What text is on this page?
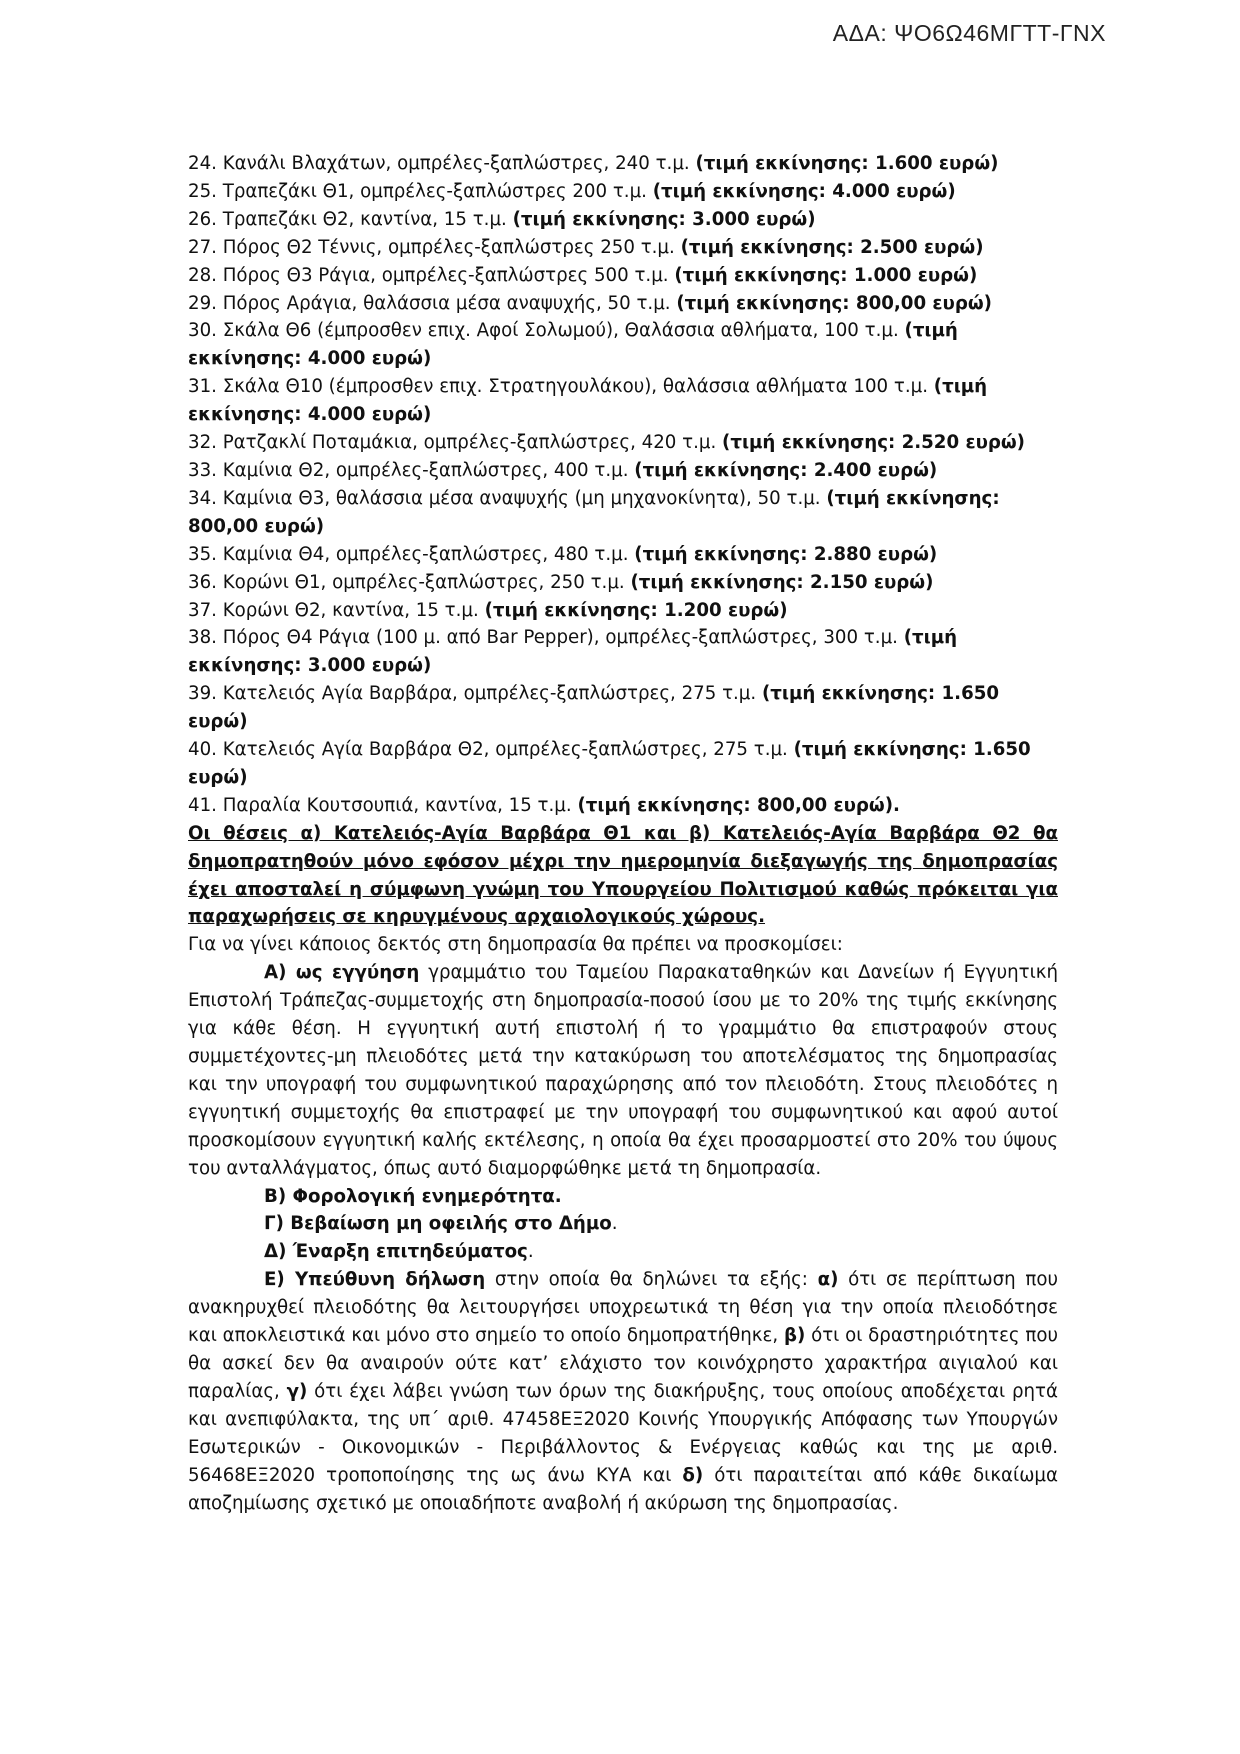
ΑΔΑ: ΨΟ6Ω46ΜΓΤΤ-ΓΝΧ

24. Κανάλι Βλαχάτων, ομπρέλες-ξαπλώστρες, 240 τ.μ. (τιμή εκκίνησης: 1.600 ευρώ)

25. Τραπεζάκι Θ1, ομπρέλες-ξαπλώστρες 200 τ.μ. (τιμή εκκίνησης: 4.000 ευρώ)

26. Τραπεζάκι Θ2, καντίνα, 15 τ.μ. (τιμή εκκίνησης: 3.000 ευρώ)

27. Πόρος Θ2 Τέννις, ομπρέλες-ξαπλώστρες 250 τ.μ. (τιμή εκκίνησης: 2.500 ευρώ)

28. Πόρος Θ3 Ράγια, ομπρέλες-ξαπλώστρες 500 τ.μ. (τιμή εκκίνησης: 1.000 ευρώ)

29. Πόρος Αράγια, θαλάσσια μέσα αναψυχής, 50 τ.μ. (τιμή εκκίνησης: 800,00 ευρώ)

30. Σκάλα Θ6 (έμπροσθεν επιχ. Αφοί Σολωμού), Θαλάσσια αθλήματα, 100 τ.μ. (τιμή εκκίνησης: 4.000 ευρώ)

31. Σκάλα Θ10 (έμπροσθεν επιχ. Στρατηγουλάκου), θαλάσσια αθλήματα 100 τ.μ. (τιμή εκκίνησης: 4.000 ευρώ)

32. Ρατζακλί Ποταμάκια, ομπρέλες-ξαπλώστρες, 420 τ.μ. (τιμή εκκίνησης: 2.520 ευρώ)

33. Καμίνια Θ2, ομπρέλες-ξαπλώστρες, 400 τ.μ. (τιμή εκκίνησης: 2.400 ευρώ)

34. Καμίνια Θ3, θαλάσσια μέσα αναψυχής (μη μηχανοκίνητα), 50 τ.μ. (τιμή εκκίνησης: 800,00 ευρώ)

35. Καμίνια Θ4, ομπρέλες-ξαπλώστρες, 480 τ.μ. (τιμή εκκίνησης: 2.880 ευρώ)

36. Κορώνι Θ1, ομπρέλες-ξαπλώστρες, 250 τ.μ. (τιμή εκκίνησης: 2.150 ευρώ)

37. Κορώνι Θ2, καντίνα, 15 τ.μ. (τιμή εκκίνησης: 1.200 ευρώ)

38. Πόρος Θ4 Ράγια (100 μ. από Bar Pepper), ομπρέλες-ξαπλώστρες, 300 τ.μ. (τιμή εκκίνησης: 3.000 ευρώ)

39. Κατελειός Αγία Βαρβάρα, ομπρέλες-ξαπλώστρες, 275 τ.μ. (τιμή εκκίνησης: 1.650 ευρώ)

40. Κατελειός Αγία Βαρβάρα Θ2, ομπρέλες-ξαπλώστρες, 275 τ.μ. (τιμή εκκίνησης: 1.650 ευρώ)

41. Παραλία Κουτσουπιά, καντίνα, 15 τ.μ. (τιμή εκκίνησης: 800,00 ευρώ).

Οι θέσεις α) Κατελειός-Αγία Βαρβάρα Θ1 και β) Κατελειός-Αγία Βαρβάρα Θ2 θα δημοπρατηθούν μόνο εφόσον μέχρι την ημερομηνία διεξαγωγής της δημοπρασίας έχει αποσταλεί η σύμφωνη γνώμη του Υπουργείου Πολιτισμού καθώς πρόκειται για παραχωρήσεις σε κηρυγμένους αρχαιολογικούς χώρους.

Για να γίνει κάποιος δεκτός στη δημοπρασία θα πρέπει να προσκομίσει:

Α) ως εγγύηση γραμμάτιο του Ταμείου Παρακαταθηκών και Δανείων ή Εγγυητική Επιστολή Τράπεζας-συμμετοχής στη δημοπρασία-ποσού ίσου με το 20% της τιμής εκκίνησης για κάθε θέση. Η εγγυητική αυτή επιστολή ή το γραμμάτιο θα επιστραφούν στους συμμετέχοντες-μη πλειοδότες μετά την κατακύρωση του αποτελέσματος της δημοπρασίας και την υπογραφή του συμφωνητικού παραχώρησης από τον πλειοδότη. Στους πλειοδότες η εγγυητική συμμετοχής θα επιστραφεί με την υπογραφή του συμφωνητικού και αφού αυτοί προσκομίσουν εγγυητική καλής εκτέλεσης, η οποία θα έχει προσαρμοστεί στο 20% του ύψους του ανταλλάγματος, όπως αυτό διαμορφώθηκε μετά τη δημοπρασία.

Β) Φορολογική ενημερότητα.

Γ) Βεβαίωση μη οφειλής στο Δήμο.

Δ) Έναρξη επιτηδεύματος.

Ε) Υπεύθυνη δήλωση στην οποία θα δηλώνει τα εξής: α) ότι σε περίπτωση που ανακηρυχθεί πλειοδότης θα λειτουργήσει υποχρεωτικά τη θέση για την οποία πλειοδότησε και αποκλειστικά και μόνο στο σημείο το οποίο δημοπρατήθηκε, β) ότι οι δραστηριότητες που θα ασκεί δεν θα αναιρούν ούτε κατ’ ελάχιστο τον κοινόχρηστο χαρακτήρα αιγιαλού και παραλίας, γ) ότι έχει λάβει γνώση των όρων της διακήρυξης, τους οποίους αποδέχεται ρητά και ανεπιφύλακτα, της υπ΄ αριθ. 47458ΕΞ2020 Κοινής Υπουργικής Απόφασης των Υπουργών Εσωτερικών - Οικονομικών - Περιβάλλοντος & Ενέργειας καθώς και της με αριθ. 56468ΕΞ2020 τροποποίησης της ως άνω ΚΥΑ και δ) ότι παραιτείται από κάθε δικαίωμα αποζημίωσης σχετικό με οποιαδήποτε αναβολή ή ακύρωση της δημοπρασίας.
